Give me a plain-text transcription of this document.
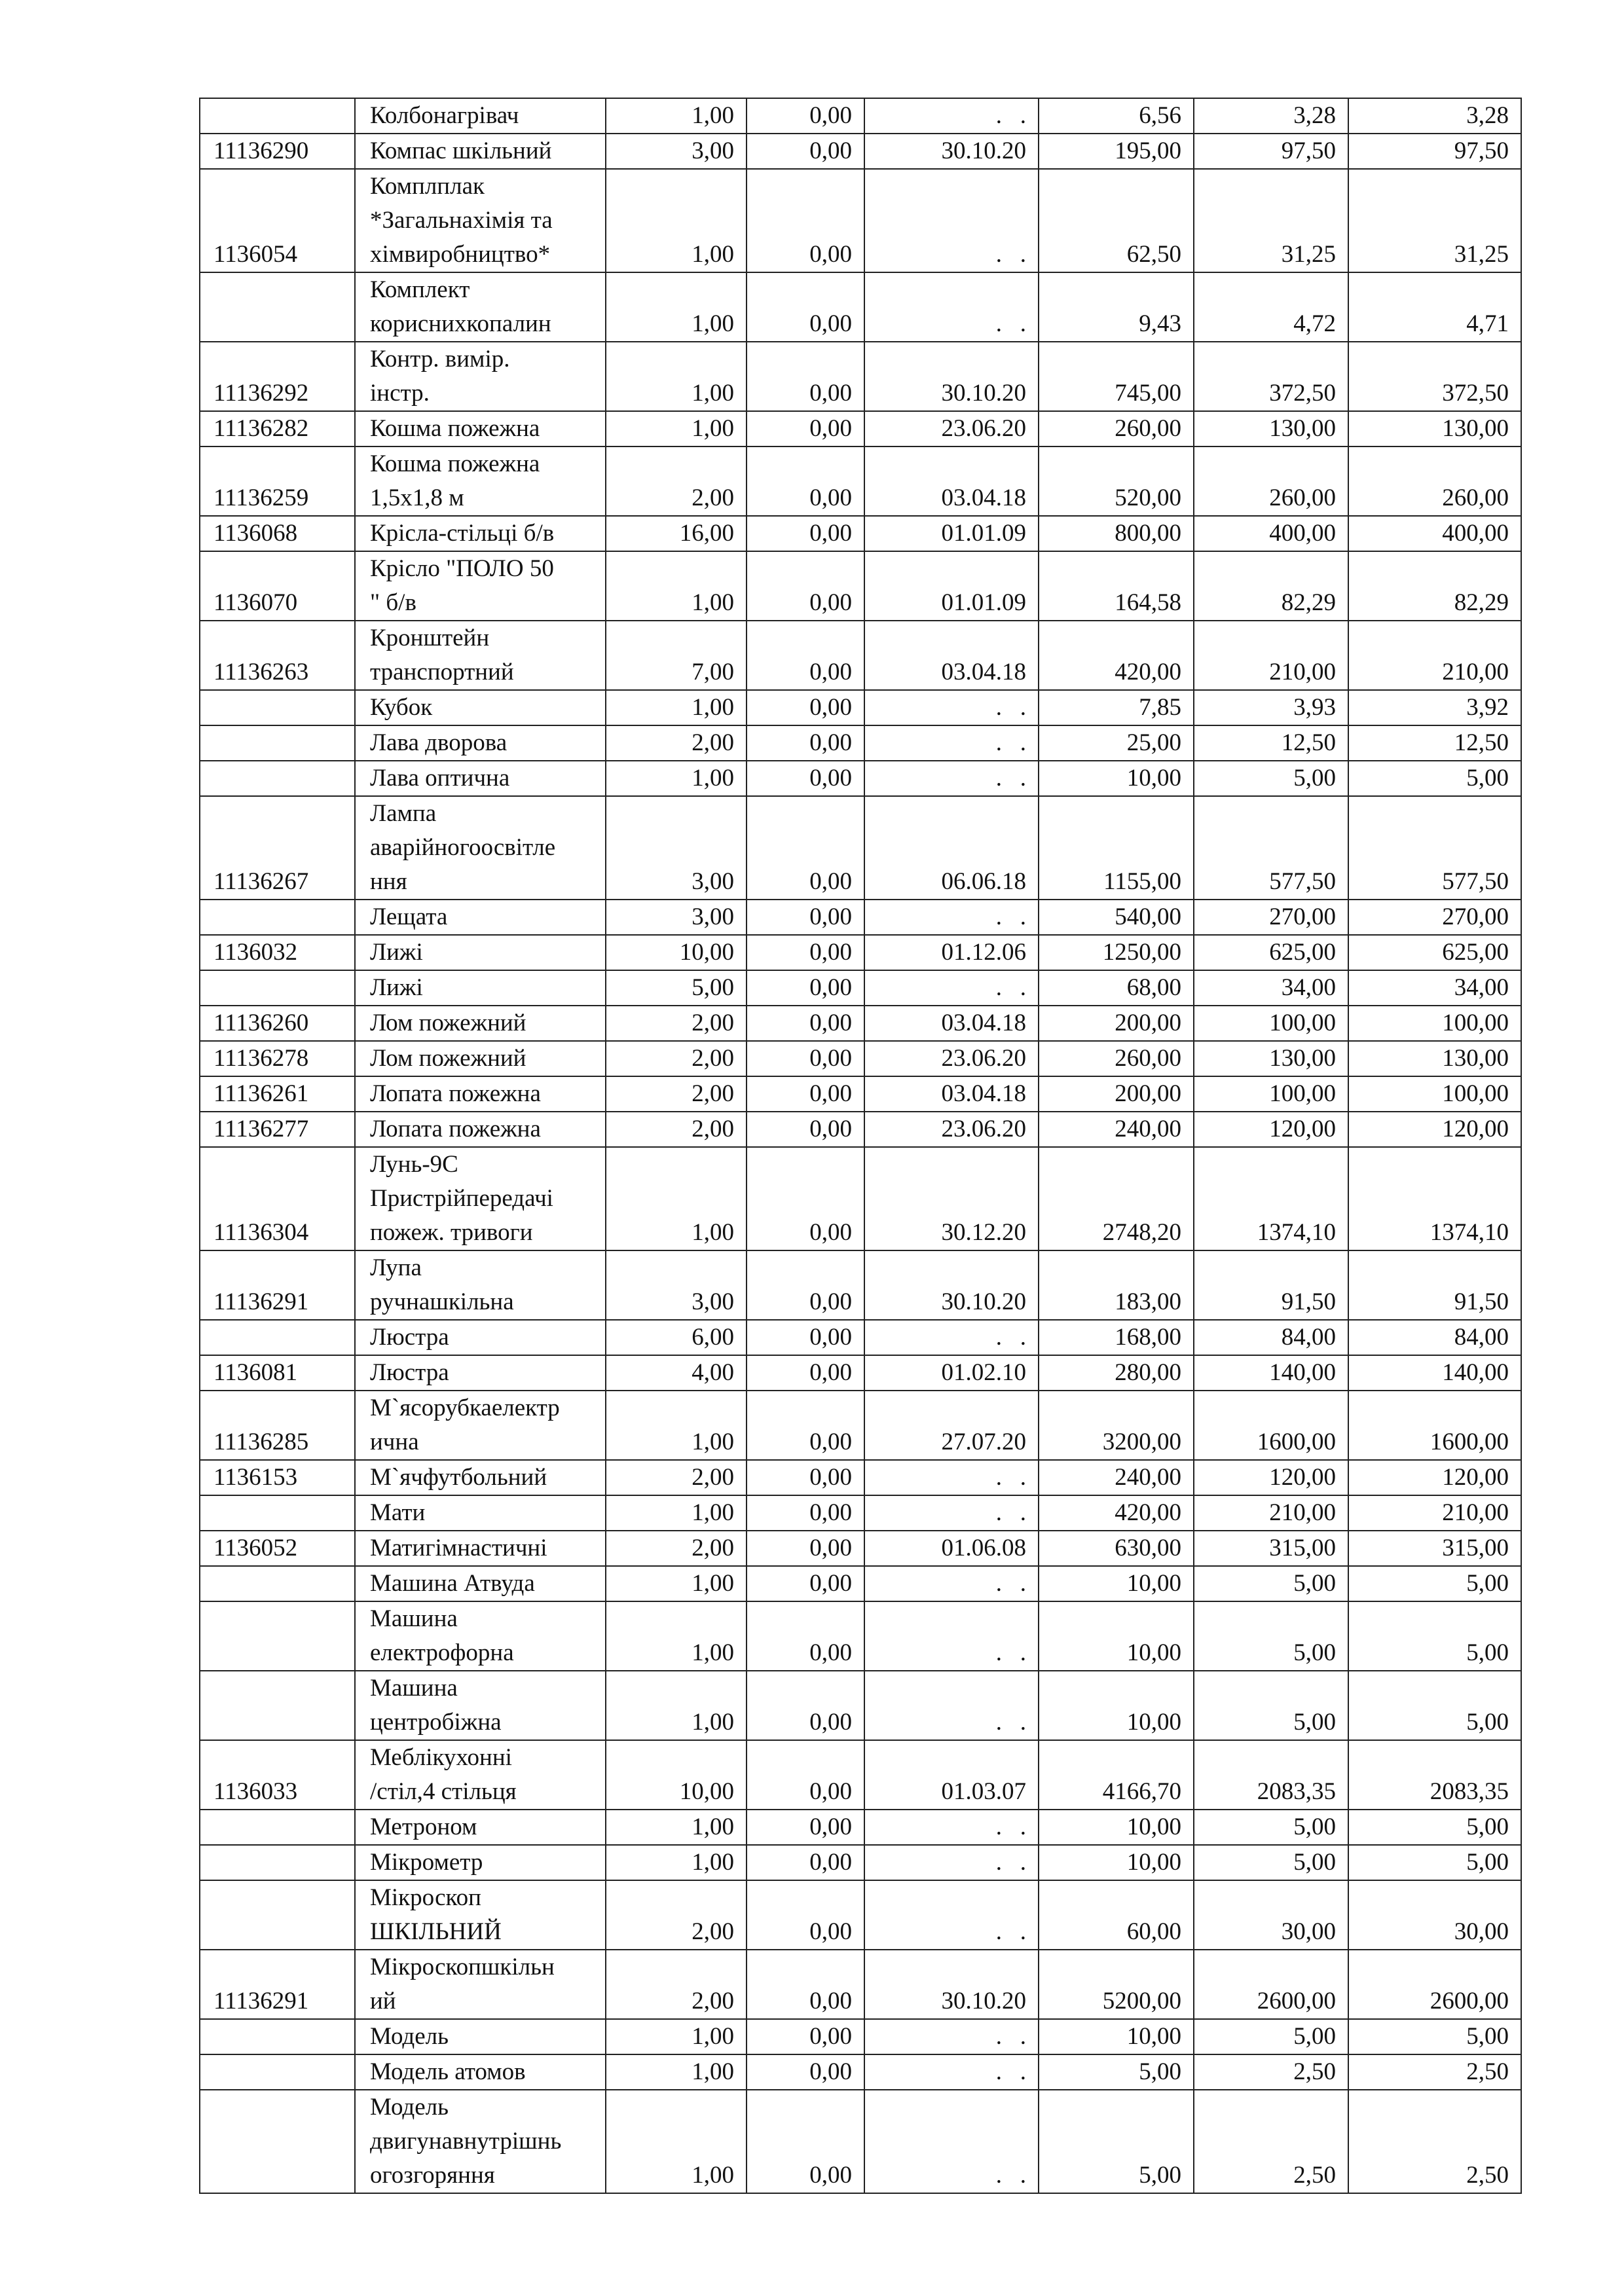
	Колбонагрівач	1,00	0,00	.   .	6,56	3,28	3,28
11136290	Компас шкільний	3,00	0,00	30.10.20	195,00	97,50	97,50
1136054	Комплплак
*Загальнахімія та
хімвиробництво*	1,00	0,00	.   .	62,50	31,25	31,25
	Комплект
кориснихкопалин	1,00	0,00	.   .	9,43	4,72	4,71
11136292	Контр. вимір.
інстр.	1,00	0,00	30.10.20	745,00	372,50	372,50
11136282	Кошма пожежна	1,00	0,00	23.06.20	260,00	130,00	130,00
11136259	Кошма пожежна
1,5х1,8 м	2,00	0,00	03.04.18	520,00	260,00	260,00
1136068	Крісла-стільці б/в	16,00	0,00	01.01.09	800,00	400,00	400,00
1136070	Крісло "ПОЛО 50
" б/в	1,00	0,00	01.01.09	164,58	82,29	82,29
11136263	Кронштейн
транспортний	7,00	0,00	03.04.18	420,00	210,00	210,00
	Кубок	1,00	0,00	.   .	7,85	3,93	3,92
	Лава дворова	2,00	0,00	.   .	25,00	12,50	12,50
	Лава оптична	1,00	0,00	.   .	10,00	5,00	5,00
11136267	Лампа
аварійногоосвітле
ння	3,00	0,00	06.06.18	1155,00	577,50	577,50
	Лещата	3,00	0,00	.   .	540,00	270,00	270,00
1136032	Лижі	10,00	0,00	01.12.06	1250,00	625,00	625,00
	Лижі	5,00	0,00	.   .	68,00	34,00	34,00
11136260	Лом пожежний	2,00	0,00	03.04.18	200,00	100,00	100,00
11136278	Лом пожежний	2,00	0,00	23.06.20	260,00	130,00	130,00
11136261	Лопата пожежна	2,00	0,00	03.04.18	200,00	100,00	100,00
11136277	Лопата пожежна	2,00	0,00	23.06.20	240,00	120,00	120,00
11136304	Лунь-9С
Пристрійпередачі
пожеж. тривоги	1,00	0,00	30.12.20	2748,20	1374,10	1374,10
11136291	Лупа
ручнашкільна	3,00	0,00	30.10.20	183,00	91,50	91,50
	Люстра	6,00	0,00	.   .	168,00	84,00	84,00
1136081	Люстра	4,00	0,00	01.02.10	280,00	140,00	140,00
11136285	М`ясорубкаелектр
ична	1,00	0,00	27.07.20	3200,00	1600,00	1600,00
1136153	М`ячфутбольний	2,00	0,00	.   .	240,00	120,00	120,00
	Мати	1,00	0,00	.   .	420,00	210,00	210,00
1136052	Матигімнастичні	2,00	0,00	01.06.08	630,00	315,00	315,00
	Машина Атвуда	1,00	0,00	.   .	10,00	5,00	5,00
	Машина
електрофорна	1,00	0,00	.   .	10,00	5,00	5,00
	Машина
центробіжна	1,00	0,00	.   .	10,00	5,00	5,00
1136033	Меблікухонні
/стіл,4 стільця	10,00	0,00	01.03.07	4166,70	2083,35	2083,35
	Метроном	1,00	0,00	.   .	10,00	5,00	5,00
	Мікрометр	1,00	0,00	.   .	10,00	5,00	5,00
	Мікроскоп
ШКІЛЬНИЙ	2,00	0,00	.   .	60,00	30,00	30,00
11136291	Мікроскопшкільн
ий	2,00	0,00	30.10.20	5200,00	2600,00	2600,00
	Модель	1,00	0,00	.   .	10,00	5,00	5,00
	Модель атомов	1,00	0,00	.   .	5,00	2,50	2,50
	Модель
двигунавнутрішнь
огозгоряння	1,00	0,00	.   .	5,00	2,50	2,50
